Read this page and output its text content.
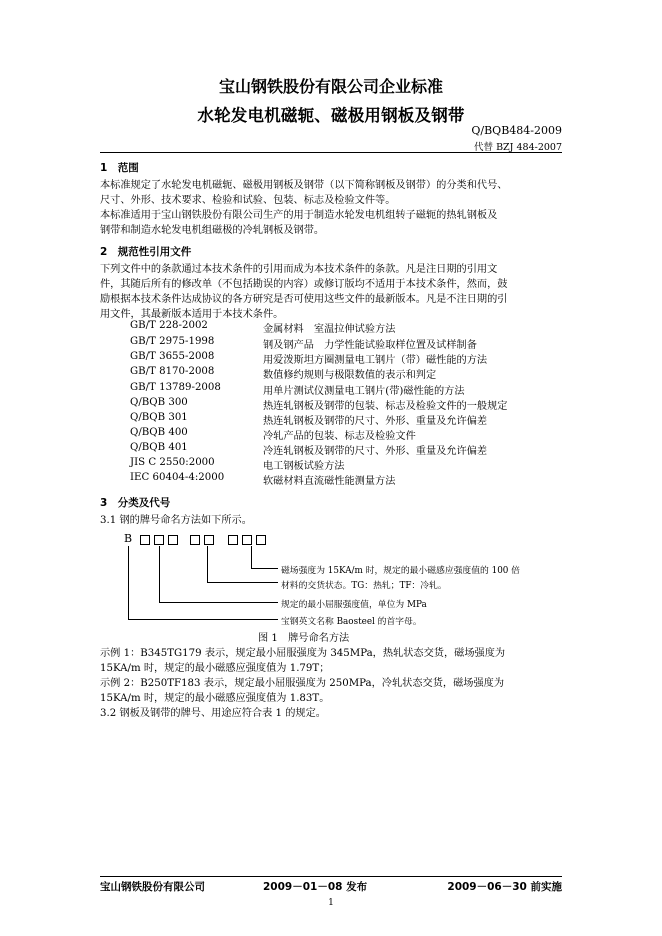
宝山钢铁股份有限公司企业标准
水轮发电机磁轭、磁极用钢板及钢带
Q/BQB484-2009
代替 BZJ 484-2007
1　范围
本标准规定了水轮发电机磁轭、磁极用钢板及钢带（以下简称钢板及钢带）的分类和代号、
尺寸、外形、技术要求、检验和试验、包装、标志及检验文件等。
本标准适用于宝山钢铁股份有限公司生产的用于制造水轮发电机组转子磁轭的热轧钢板及
钢带和制造水轮发电机组磁极的冷轧钢板及钢带。
2　规范性引用文件
下列文件中的条款通过本技术条件的引用而成为本技术条件的条款。凡是注日期的引用文
件，其随后所有的修改单（不包括勘误的内容）或修订版均不适用于本技术条件，然而，鼓
励根据本技术条件达成协议的各方研究是否可使用这些文件的最新版本。凡是不注日期的引
用文件，其最新版本适用于本技术条件。
GB/T 228-2002	金属材料　室温拉伸试验方法
GB/T 2975-1998	钢及钢产品　力学性能试验取样位置及试样制备
GB/T 3655-2008	用爱泼斯坦方圈测量电工钢片（带）磁性能的方法
GB/T 8170-2008	数值修约规则与极限数值的表示和判定
GB/T 13789-2008	用单片测试仪测量电工钢片(带)磁性能的方法
Q/BQB 300	热连轧钢板及钢带的包装、标志及检验文件的一般规定
Q/BQB 301	热连轧钢板及钢带的尺寸、外形、重量及允许偏差
Q/BQB 400	冷轧产品的包装、标志及检验文件
Q/BQB 401	冷连轧钢板及钢带的尺寸、外形、重量及允许偏差
JIS C 2550:2000	电工钢板试验方法
IEC 60404-4:2000	软磁材料直流磁性能测量方法
3　分类及代号
3.1 钢的牌号命名方法如下所示。
B
磁场强度为 15KA/m 时，规定的最小磁感应强度值的 100 倍
材料的交货状态。TG：热轧；TF：冷轧。
规定的最小屈服强度值，单位为 MPa
宝钢英文名称 Baosteel 的首字母。
图 1　牌号命名方法
示例 1：B345TG179 表示，规定最小屈服强度为 345MPa，热轧状态交货，磁场强度为
15KA/m 时，规定的最小磁感应强度值为 1.79T；
示例 2：B250TF183 表示，规定最小屈服强度为 250MPa，冷轧状态交货，磁场强度为
15KA/m 时，规定的最小磁感应强度值为 1.83T。
3.2 钢板及钢带的牌号、用途应符合表 1 的规定。
宝山钢铁股份有限公司	2009－01－08 发布	2009－06－30 前实施
1
